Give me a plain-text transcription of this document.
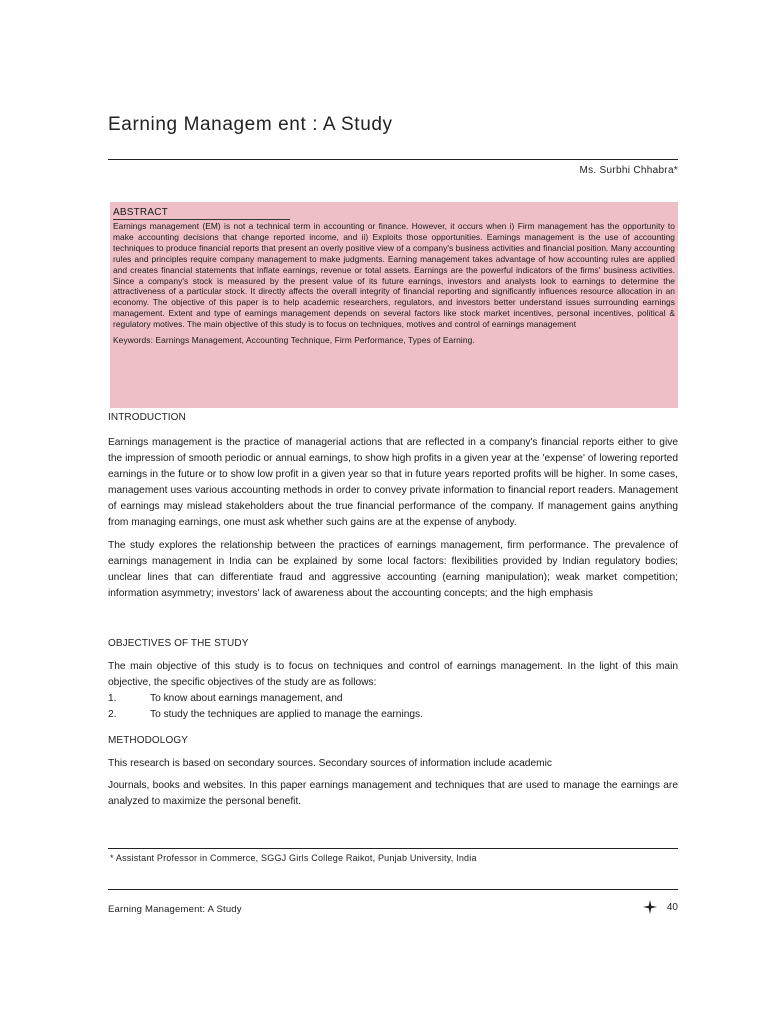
Earning Managem ent : A Study
Ms. Surbhi Chhabra*
ABSTRACT

Earnings management (EM) is not a technical term in accounting or finance. However, it occurs when i) Firm management has the opportunity to make accounting decisions that change reported income, and ii) Exploits those opportunities. Earnings management is the use of accounting techniques to produce financial reports that present an overly positive view of a company's business activities and financial position. Many accounting rules and principles require company management to make judgments. Earning management takes advantage of how accounting rules are applied and creates financial statements that inflate earnings, revenue or total assets. Earnings are the powerful indicators of the firms' business activities. Since a company's stock is measured by the present value of its future earnings, investors and analysts look to earnings to determine the attractiveness of a particular stock. It directly affects the overall integrity of financial reporting and significantly influences resource allocation in an economy. The objective of this paper is to help academic researchers, regulators, and investors better understand issues surrounding earnings management. Extent and type of earnings management depends on several factors like stock market incentives, personal incentives, political & regulatory motives. The main objective of this study is to focus on techniques, motives and control of earnings management

Keywords: Earnings Management, Accounting Technique, Firm Performance, Types of Earning.
INTRODUCTION

Earnings management is the practice of managerial actions that are reflected in a company's financial reports either to give the impression of smooth periodic or annual earnings, to show high profits in a given year at the 'expense' of lowering reported earnings in the future or to show low profit in a given year so that in future years reported profits will be higher. In some cases, management uses various accounting methods in order to convey private information to financial report readers. Management of earnings may mislead stakeholders about the true financial performance of the company. If management gains anything from managing earnings, one must ask whether such gains are at the expense of anybody.

The study explores the relationship between the practices of earnings management, firm performance. The prevalence of earnings management in India can be explained by some local factors: flexibilities provided by Indian regulatory bodies; unclear lines that can differentiate fraud and aggressive accounting (earning manipulation); weak market competition; information asymmetry; investors' lack of awareness about the accounting concepts; and the high emphasis

OBJECTIVES OF THE STUDY

The main objective of this study is to focus on techniques and control of earnings management. In the light of this main objective, the specific objectives of the study are as follows:

1.	To know about earnings management, and
2.	To study the techniques are applied to manage the earnings.
METHODOLOGY

This research is based on secondary sources. Secondary sources of information include academic

Journals, books and websites. In this paper earnings management and techniques that are used to manage the earnings are analyzed to maximize the personal benefit.

* Assistant Professor in Commerce, SGGJ Girls College Raikot, Punjab University, India
Earning Management: A Study	40
